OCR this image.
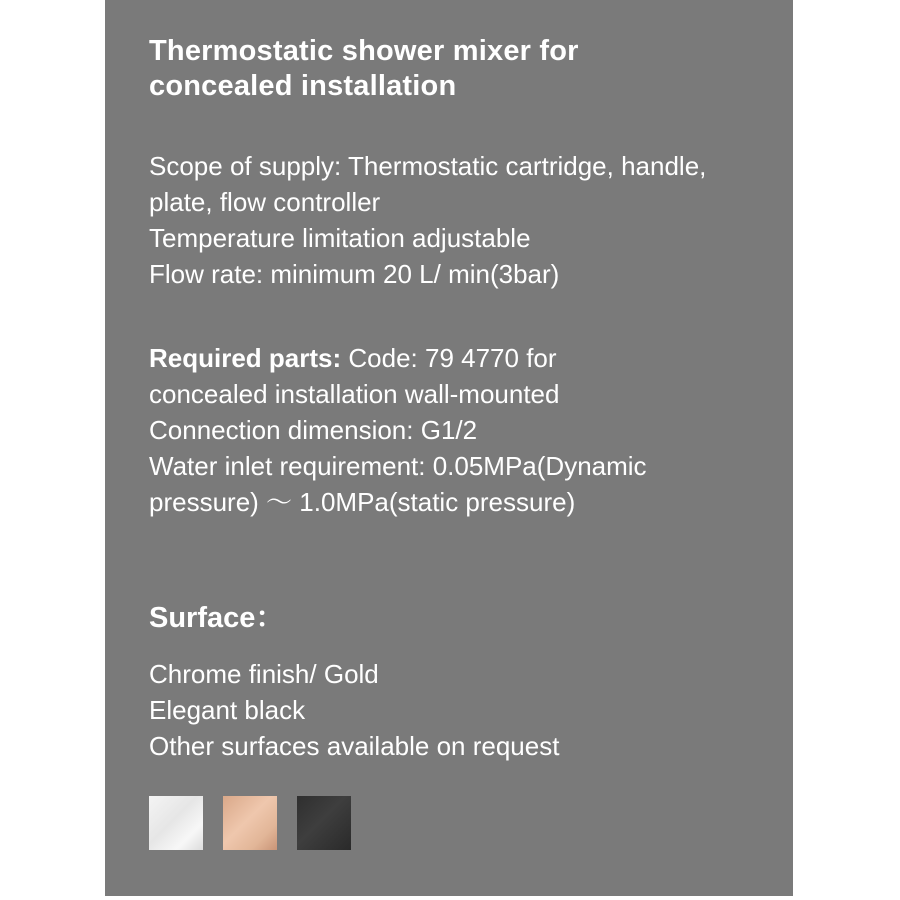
Thermostatic shower mixer for
concealed installation
Scope of supply: Thermostatic cartridge, handle,
plate, flow controller
Temperature limitation adjustable
Flow rate: minimum 20 L/ min(3bar)
Required parts: Code: 79 4770 for
concealed installation wall-mounted
Connection dimension: G1/2
Water inlet requirement: 0.05MPa(Dynamic
pressure) ～ 1.0MPa(static pressure)
Surface：
Chrome finish/ Gold
Elegant black
Other surfaces available on request
